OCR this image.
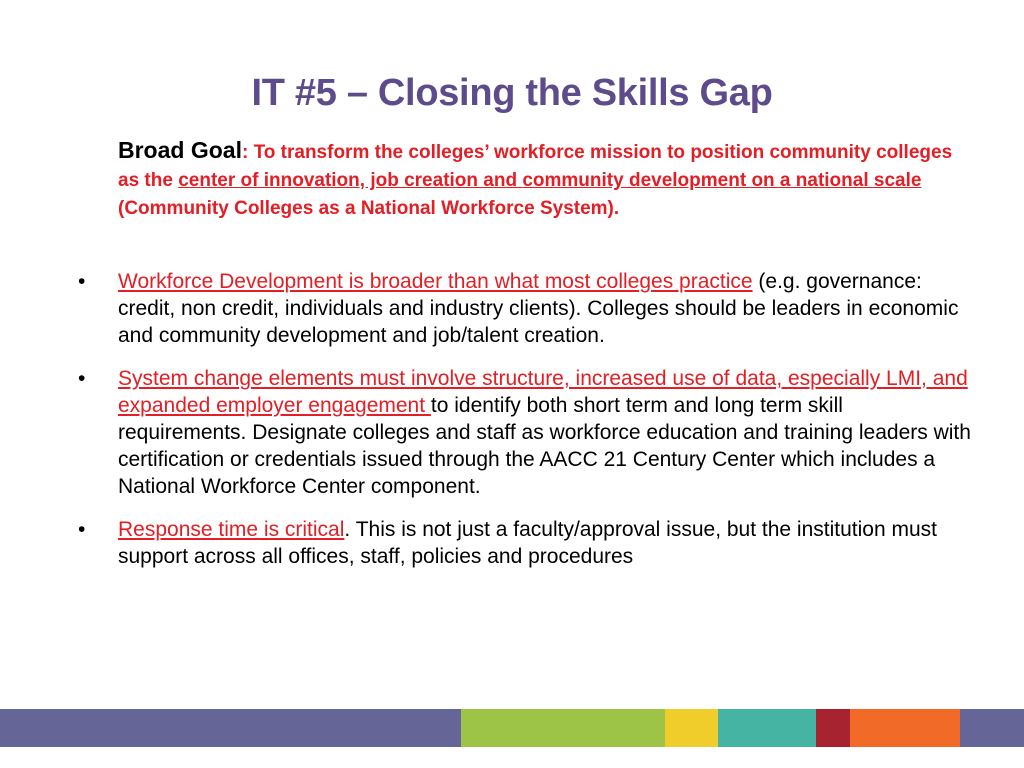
IT #5 – Closing the Skills Gap

Broad Goal: To transform the colleges’ workforce mission to position community colleges as the center of innovation, job creation and community development on a national scale (Community Colleges as a National Workforce System).

• Workforce Development is broader than what most colleges practice (e.g. governance: credit, non credit, individuals and industry clients). Colleges should be leaders in economic and community development and job/talent creation.
• System change elements must involve structure, increased use of data, especially LMI, and expanded employer engagement to identify both short term and long term skill requirements. Designate colleges and staff as workforce education and training leaders with certification or credentials issued through the AACC 21 Century Center which includes a National Workforce Center component.
• Response time is critical. This is not just a faculty/approval issue, but the institution must support across all offices, staff, policies and procedures
